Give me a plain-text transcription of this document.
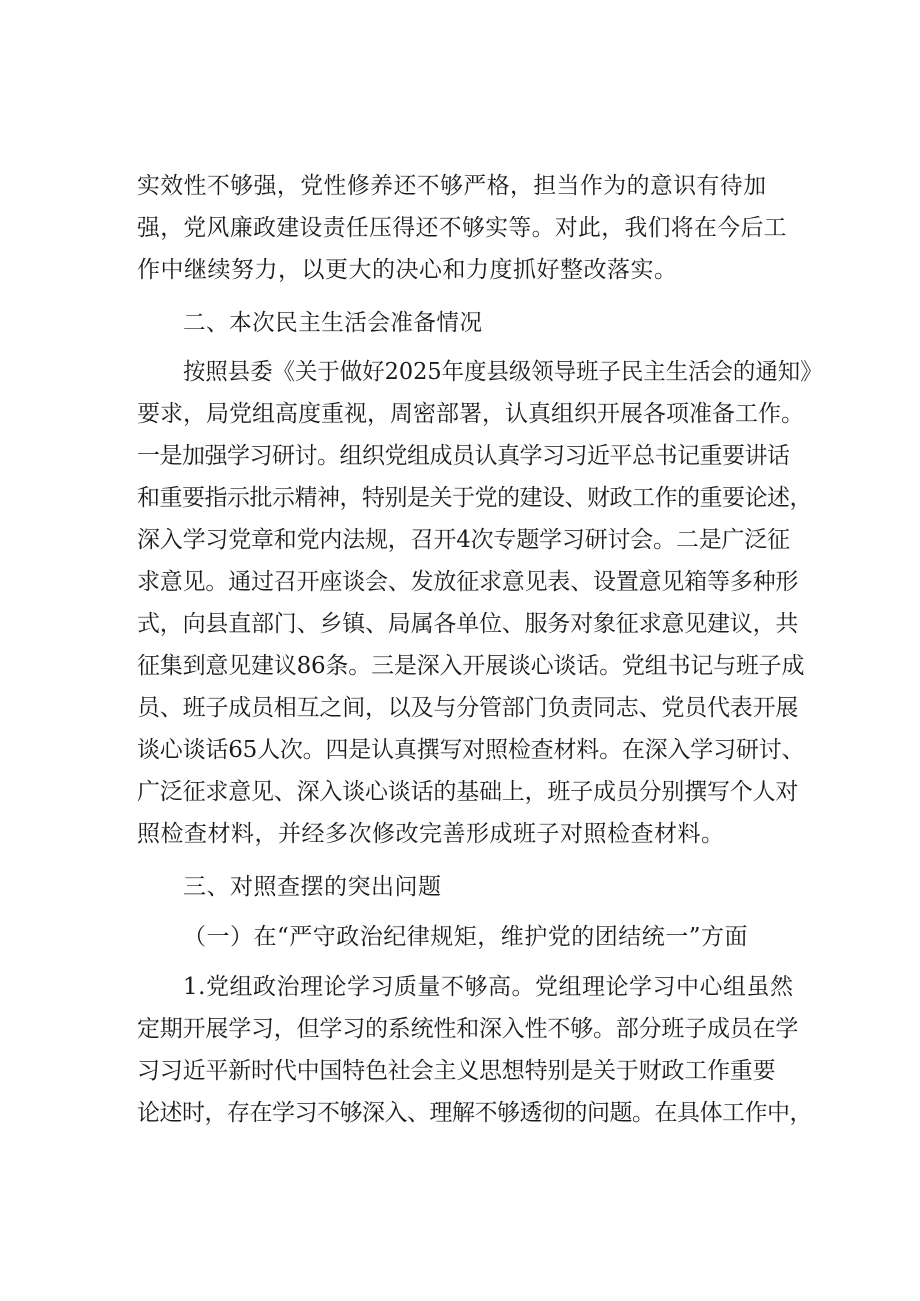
实效性不够强，党性修养还不够严格，担当作为的意识有待加
强，党风廉政建设责任压得还不够实等。对此，我们将在今后工
作中继续努力，以更大的决心和力度抓好整改落实。
二、本次民主生活会准备情况
按照县委《关于做好2025年度县级领导班子民主生活会的通知》
要求，局党组高度重视，周密部署，认真组织开展各项准备工作。
一是加强学习研讨。组织党组成员认真学习习近平总书记重要讲话
和重要指示批示精神，特别是关于党的建设、财政工作的重要论述，
深入学习党章和党内法规，召开4次专题学习研讨会。二是广泛征
求意见。通过召开座谈会、发放征求意见表、设置意见箱等多种形
式，向县直部门、乡镇、局属各单位、服务对象征求意见建议，共
征集到意见建议86条。三是深入开展谈心谈话。党组书记与班子成
员、班子成员相互之间，以及与分管部门负责同志、党员代表开展
谈心谈话65人次。四是认真撰写对照检查材料。在深入学习研讨、
广泛征求意见、深入谈心谈话的基础上，班子成员分别撰写个人对
照检查材料，并经多次修改完善形成班子对照检查材料。
三、对照查摆的突出问题
（一）在“严守政治纪律规矩，维护党的团结统一”方面
1.党组政治理论学习质量不够高。党组理论学习中心组虽然
定期开展学习，但学习的系统性和深入性不够。部分班子成员在学
习习近平新时代中国特色社会主义思想特别是关于财政工作重要
论述时，存在学习不够深入、理解不够透彻的问题。在具体工作中，
